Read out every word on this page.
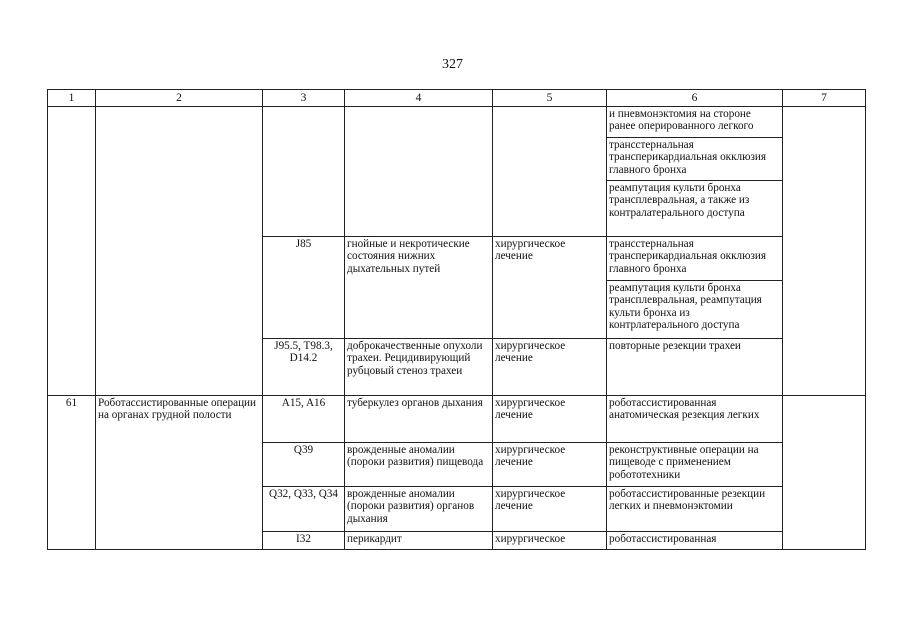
327
1	2	3	4	5	6	7
					и пневмонэктомия на стороне ранее оперированного легкого	
					трансстернальная трансперикардиальная окклюзия главного бронха	
					реампутация культи бронха трансплевральная, а также из контралатерального доступа	
		J85	гнойные и некротические состояния нижних дыхательных путей	хирургическое лечение	трансстернальная трансперикардиальная окклюзия главного бронха	
					реампутация культи бронха трансплевральная, реампутация культи бронха из контрлатерального доступа	
		J95.5, T98.3, D14.2	доброкачественные опухоли трахеи. Рецидивирующий рубцовый стеноз трахеи	хирургическое лечение	повторные резекции трахеи	
61	Роботассистированные операции на органах грудной полости	A15, A16	туберкулез органов дыхания	хирургическое лечение	роботассистированная анатомическая резекция легких	
		Q39	врожденные аномалии (пороки развития) пищевода	хирургическое лечение	реконструктивные операции на пищеводе с применением робототехники	
		Q32, Q33, Q34	врожденные аномалии (пороки развития) органов дыхания	хирургическое лечение	роботассистированные резекции легких и пневмонэктомии	
		I32	перикардит	хирургическое	роботассистированная	
